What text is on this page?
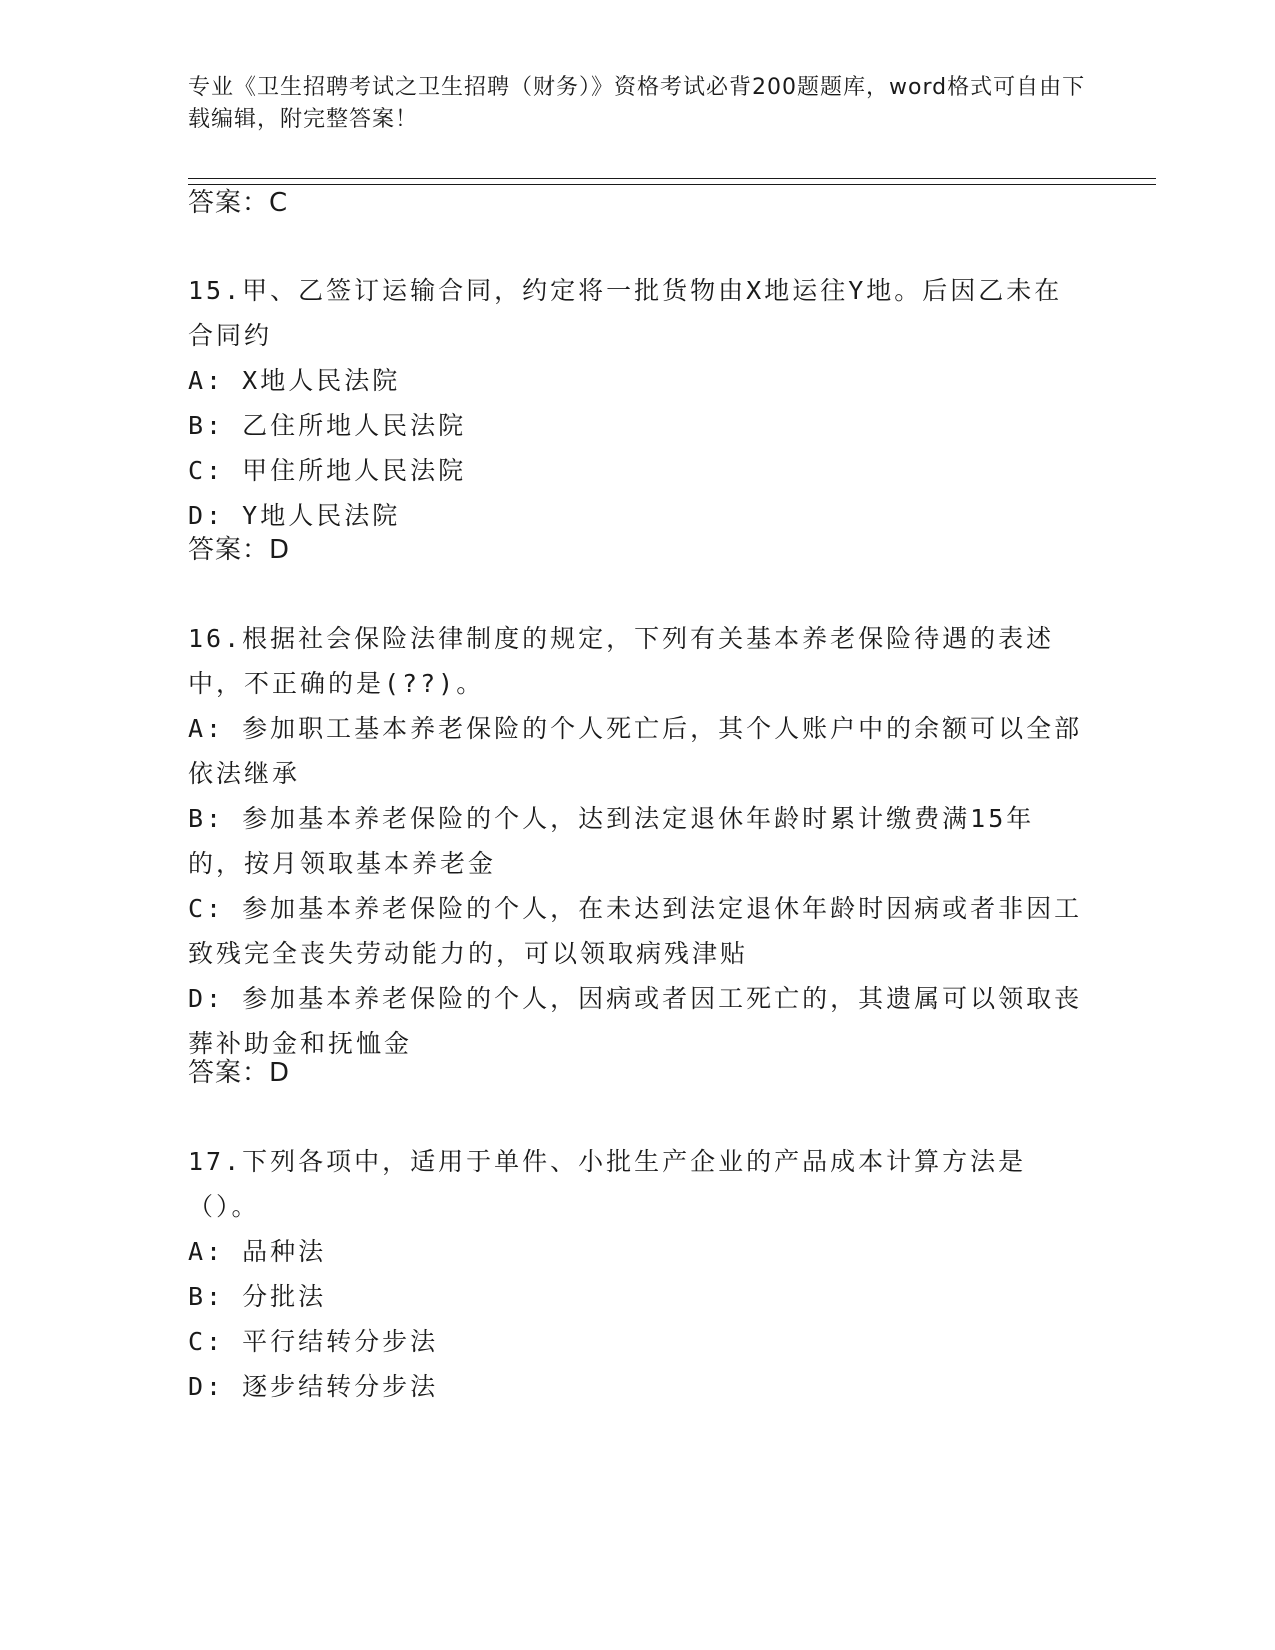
专业《卫生招聘考试之卫生招聘（财务）》资格考试必背200题题库，word格式可自由下载编辑，附完整答案！

答案：C

15.甲、乙签订运输合同，约定将一批货物由X地运往Y地。后因乙未在合同约

A: X地人民法院

B: 乙住所地人民法院

C: 甲住所地人民法院

D: Y地人民法院

答案：D

16.根据社会保险法律制度的规定，下列有关基本养老保险待遇的表述中，不正确的是(??)。

A: 参加职工基本养老保险的个人死亡后，其个人账户中的余额可以全部依法继承

B: 参加基本养老保险的个人，达到法定退休年龄时累计缴费满15年的，按月领取基本养老金

C: 参加基本养老保险的个人，在未达到法定退休年龄时因病或者非因工致残完全丧失劳动能力的，可以领取病残津贴

D: 参加基本养老保险的个人，因病或者因工死亡的，其遗属可以领取丧葬补助金和抚恤金

答案：D

17.下列各项中，适用于单件、小批生产企业的产品成本计算方法是（）。

A: 品种法

B: 分批法

C: 平行结转分步法

D: 逐步结转分步法
